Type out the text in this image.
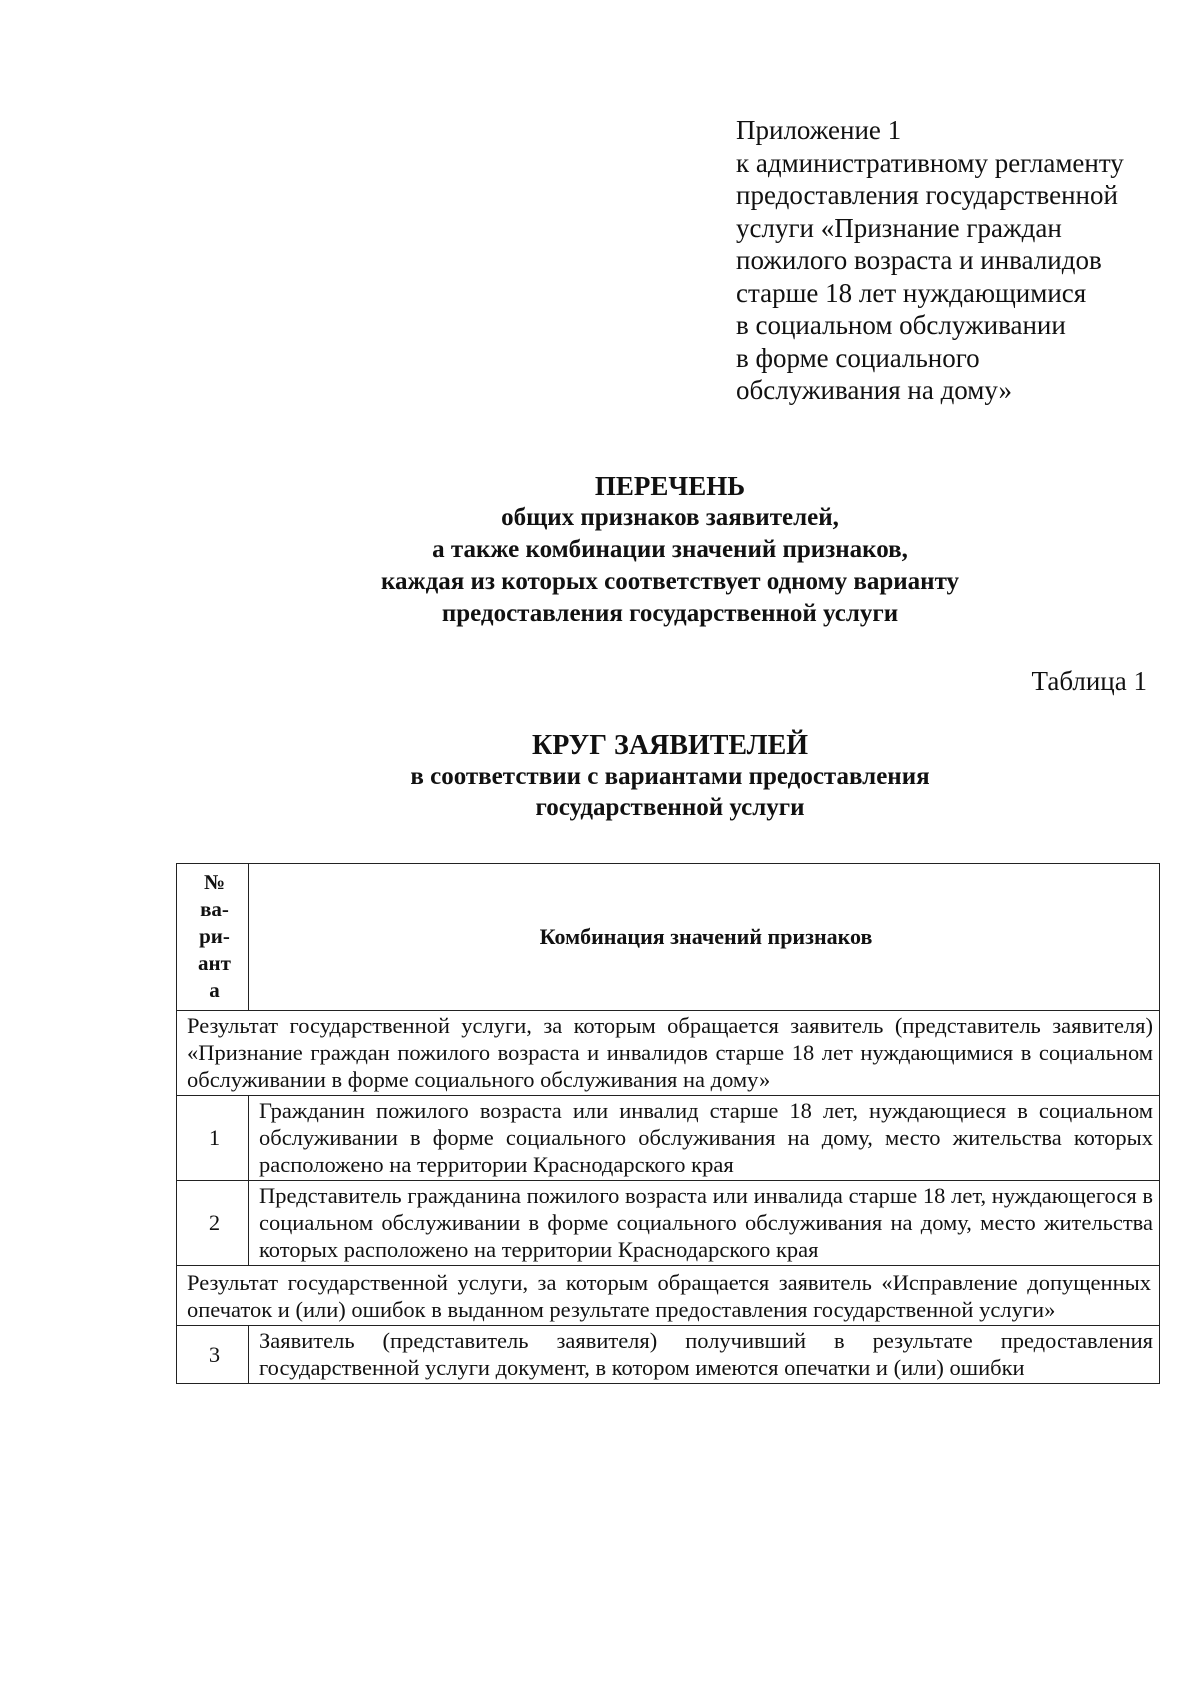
Приложение 1
к административному регламенту
предоставления государственной
услуги «Признание граждан
пожилого возраста и инвалидов
старше 18 лет нуждающимися
в социальном обслуживании
в форме социального
обслуживания на дому»
ПЕРЕЧЕНЬ
общих признаков заявителей,
а также комбинации значений признаков,
каждая из которых соответствует одному варианту
предоставления государственной услуги
Таблица 1
КРУГ ЗАЯВИТЕЛЕЙ
в соответствии с вариантами предоставления
государственной услуги
№
ва-
ри-
ант
а	Комбинация значений признаков
Результат государственной услуги, за которым обращается заявитель (представитель заявителя) «Признание граждан пожилого возраста и инвалидов старше 18 лет нуждающимися в социальном обслуживании в форме социального обслуживания на дому»	
1	Гражданин пожилого возраста или инвалид старше 18 лет, нуждающиеся в социальном обслуживании в форме социального обслуживания на дому, место жительства которых расположено на территории Краснодарского края
2	Представитель гражданина пожилого возраста или инвалида старше 18 лет, нуждающегося в социальном обслуживании в форме социального обслуживания на дому, место жительства которых расположено на территории Краснодарского края
Результат государственной услуги, за которым обращается заявитель «Исправление допущенных опечаток и (или) ошибок в выданном результате предоставления государственной услуги»	
3	Заявитель (представитель заявителя) получивший в результате предоставления государственной услуги документ, в котором имеются опечатки и (или) ошибки
